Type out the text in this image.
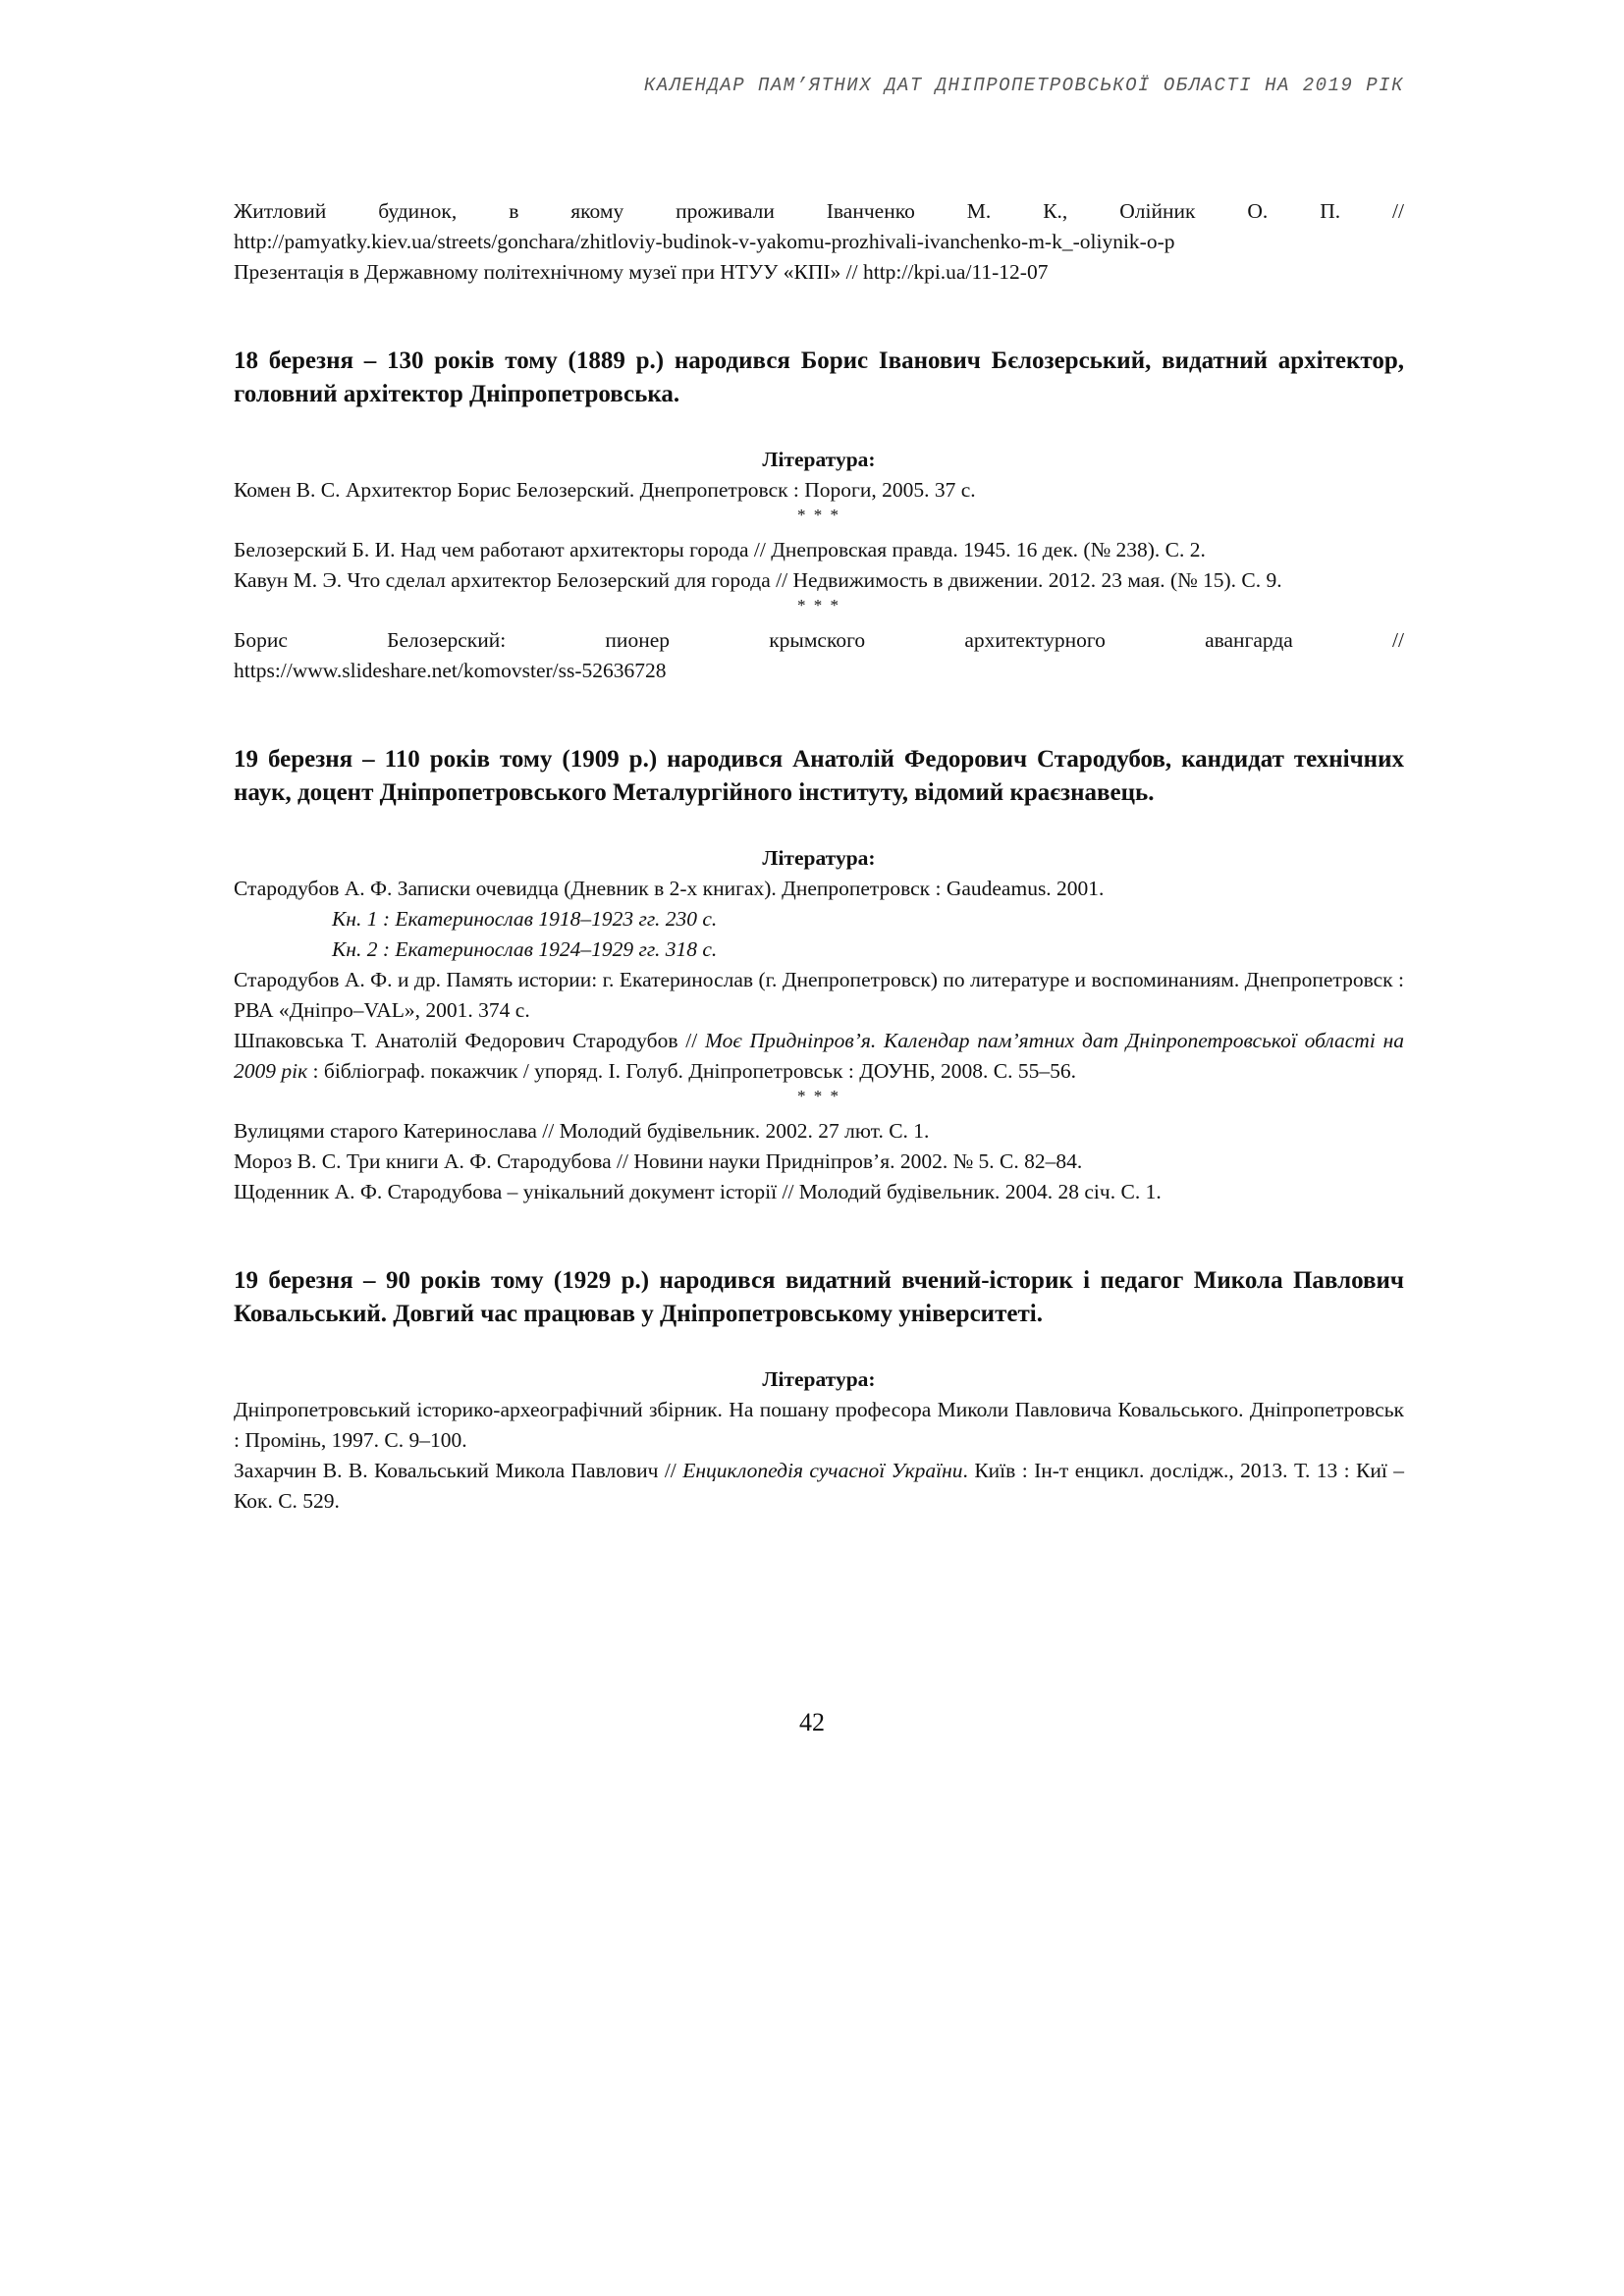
КАЛЕНДАР ПАМ’ЯТНИХ ДАТ ДНІПРОПЕТРОВСЬКОЇ ОБЛАСТІ НА 2019 РІК

Житловий будинок, в якому проживали Іванченко М. К., Олійник О. П. //

http://pamyatky.kiev.ua/streets/gonchara/zhitloviy-budinok-v-yakomu-prozhivali-ivanchenko-m-k_-oliynik-o-p

Презентація в Державному політехнічному музеї при НТУУ «КПІ» // http://kpi.ua/11-12-07

18 березня – 130 років тому (1889 р.) народився Борис Іванович Бєлозерський, видатний архітектор, головний архітектор Дніпропетровська.

Література:

Комен В. С. Архитектор Борис Белозерский. Днепропетровск : Пороги, 2005. 37 с.

* * *

Белозерский Б. И. Над чем работают архитекторы города // Днепровская правда. 1945. 16 дек. (№ 238). С. 2.

Кавун М. Э. Что сделал архитектор Белозерский для города // Недвижимость в движении. 2012. 23 мая. (№ 15). С. 9.

* * *

Борис Белозерский: пионер крымского архитектурного авангарда //

https://www.slideshare.net/komovster/ss-52636728

19 березня – 110 років тому (1909 р.) народився Анатолій Федорович Стародубов, кандидат технічних наук, доцент Дніпропетровського Металургійного інституту, відомий краєзнавець.

Література:

Стародубов А. Ф. Записки очевидца (Дневник в 2-х книгах). Днепропетровск : Gaudeamus. 2001.

Кн. 1 : Екатеринослав 1918–1923 гг. 230 с.

Кн. 2 : Екатеринослав 1924–1929 гг. 318 с.

Стародубов А. Ф. и др. Память истории: г. Екатеринослав (г. Днепропетровск) по литературе и воспоминаниям. Днепропетровск : РВА «Дніпро–VAL», 2001. 374 с.

Шпаковська Т. Анатолій Федорович Стародубов // Моє Придніпров’я. Календар пам’ятних дат Дніпропетровської області на 2009 рік : бібліограф. покажчик / упоряд. І. Голуб. Дніпропетровськ : ДОУНБ, 2008. С. 55–56.

* * *

Вулицями старого Катеринослава // Молодий будівельник. 2002. 27 лют. С. 1.

Мороз В. С. Три книги А. Ф. Стародубова // Новини науки Придніпров’я. 2002. № 5. С. 82–84.

Щоденник А. Ф. Стародубова – унікальний документ історії // Молодий будівельник. 2004. 28 січ. С. 1.

19 березня – 90 років тому (1929 р.) народився видатний вчений-історик і педагог Микола Павлович Ковальський. Довгий час працював у Дніпропетровському університеті.

Література:

Дніпропетровський історико-археографічний збірник. На пошану професора Миколи Павловича Ковальського. Дніпропетровськ : Промінь, 1997. С. 9–100.

Захарчин В. В. Ковальський Микола Павлович // Енциклопедія сучасної України. Київ : Ін-т енцикл. дослідж., 2013. Т. 13 : Киї – Кок. С. 529.

42
